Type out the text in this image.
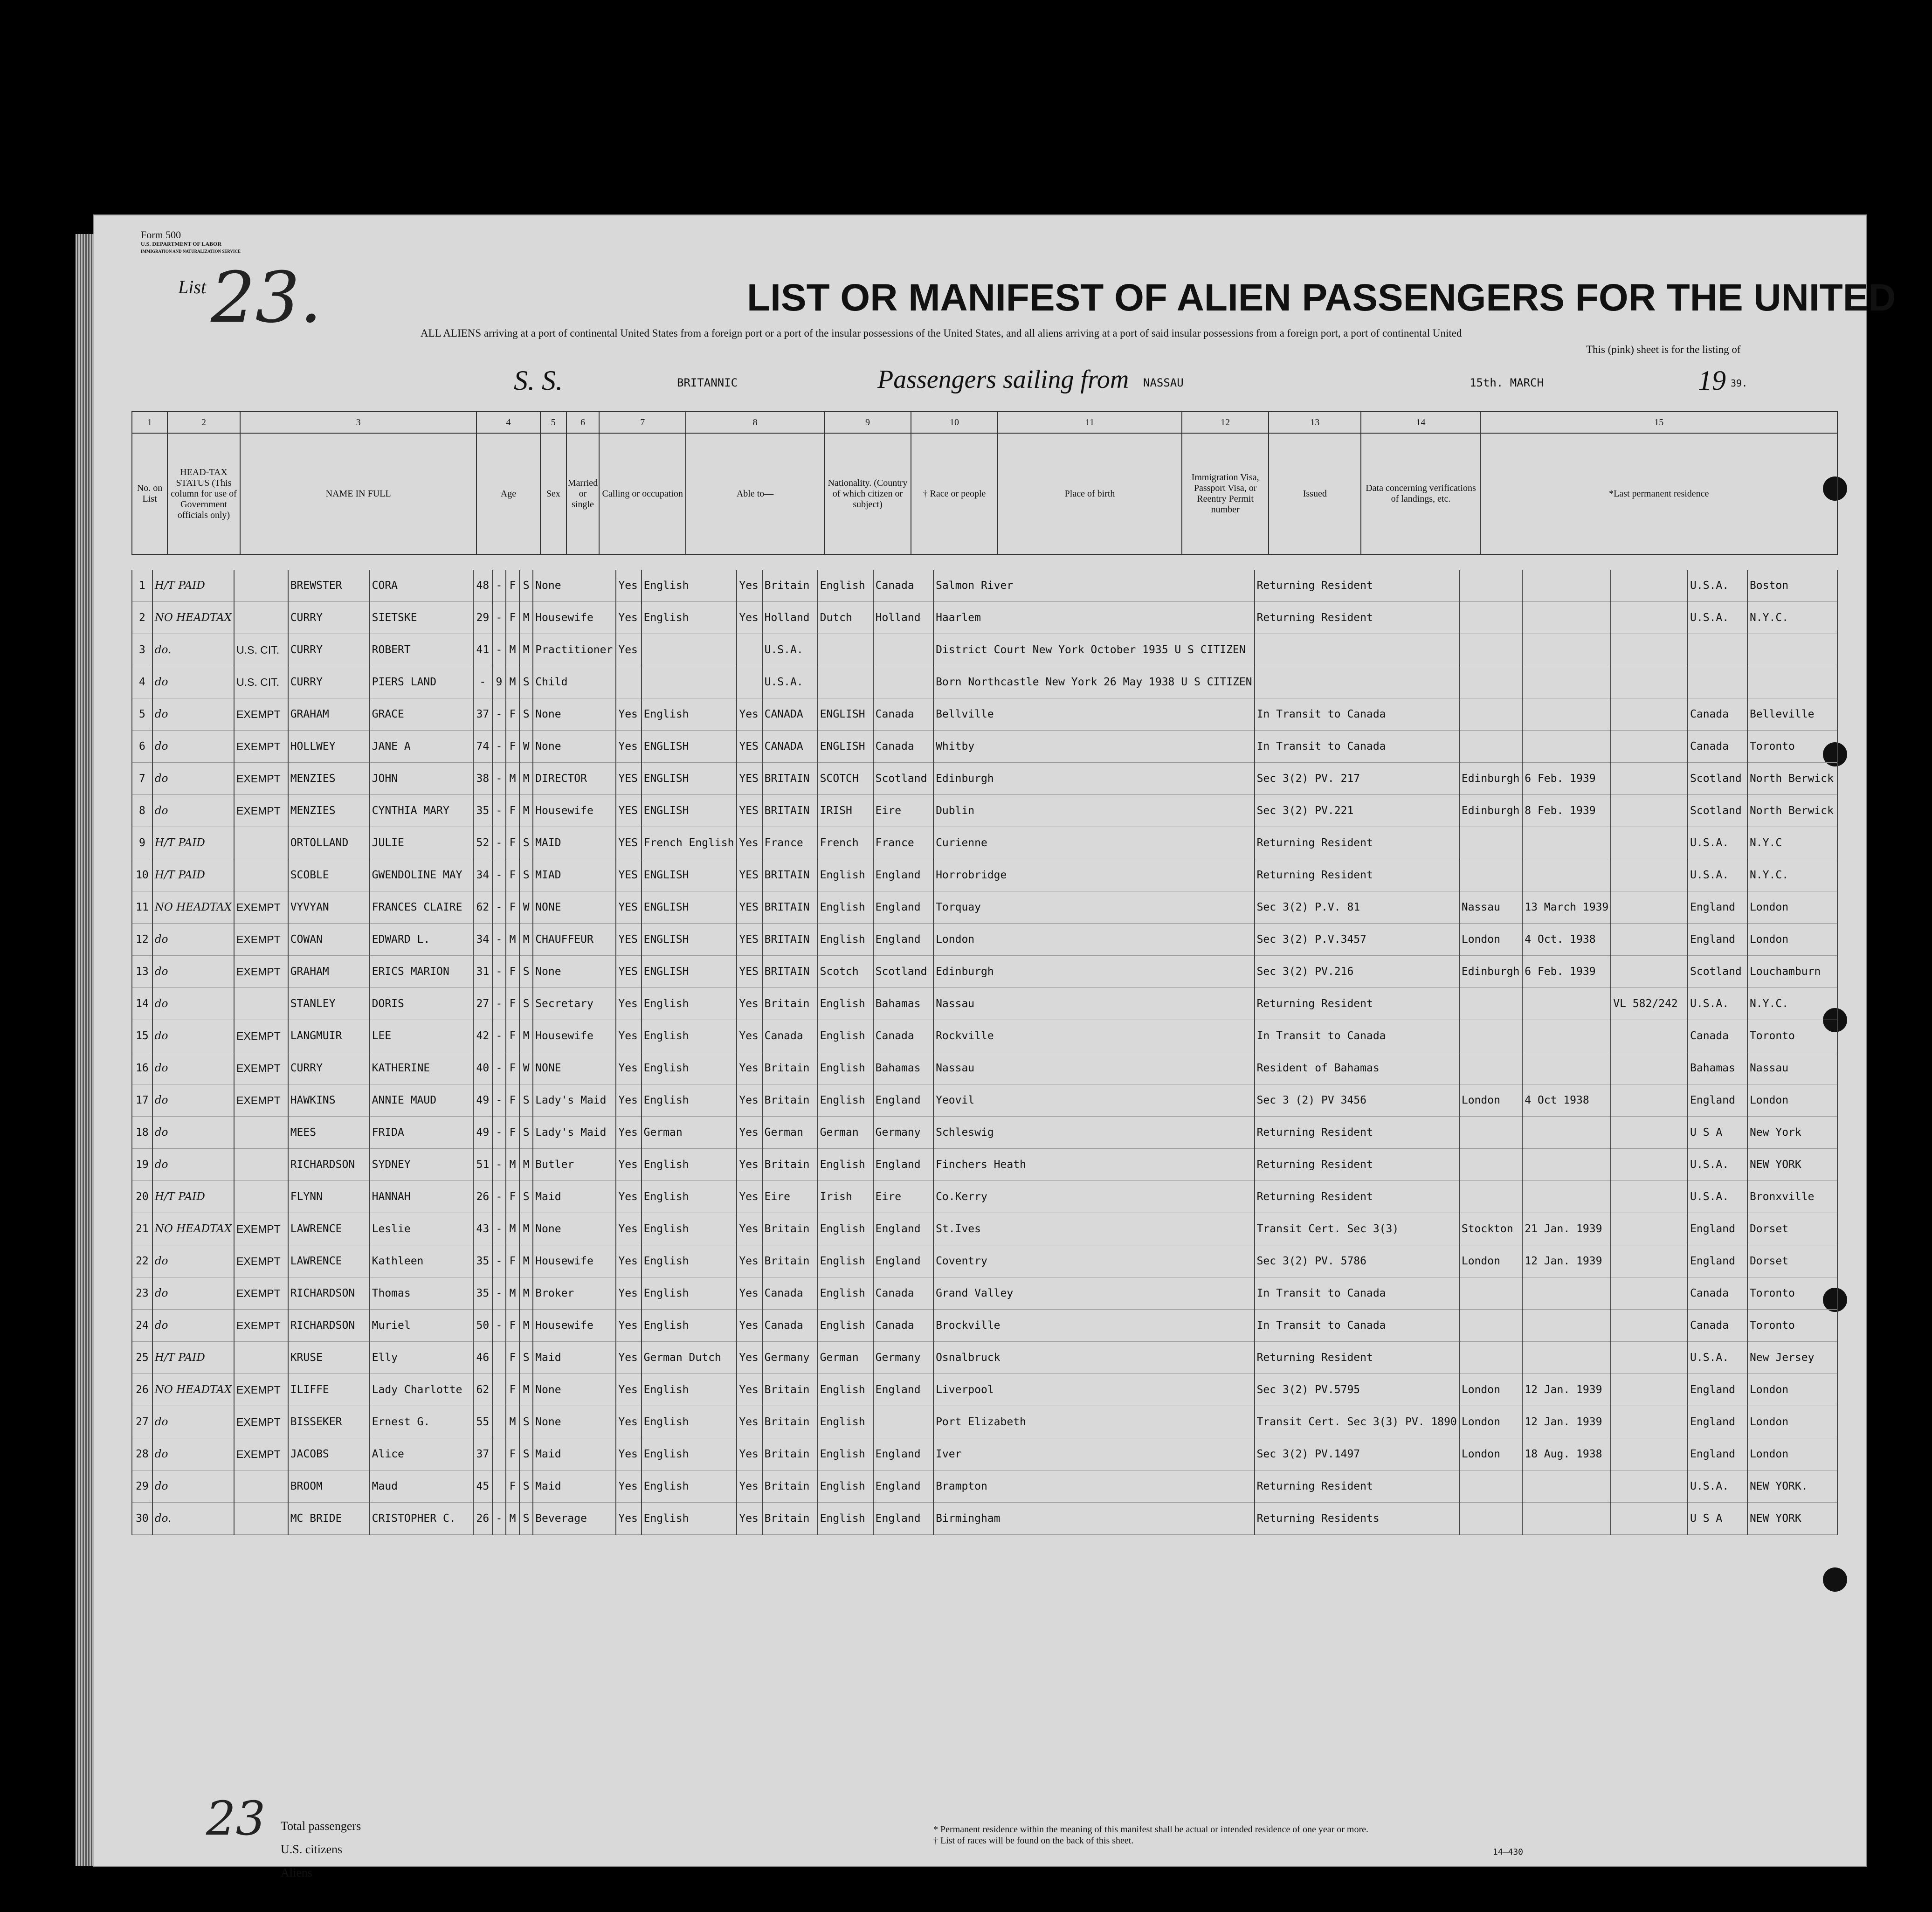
Form 500
U.S. DEPARTMENT OF LABOR
IMMIGRATION AND NATURALIZATION SERVICE
List 23.	LIST OR MANIFEST OF ALIEN PASSENGERS FOR THE UNITED
ALL ALIENS arriving at a port of continental United States from a foreign port or a port of the insular possessions of the United States, and all aliens arriving at a port of said insular possessions from a foreign port, a port of continental United
This (pink) sheet is for the listing of
S. S.	BRITANNIC	Passengers sailing from NASSAU	15th. MARCH	19 39.
1	2	3	4	5	6	7	8	9	10	11	12	13	14	15
No. on List	HEAD-TAX STATUS (This column for use of Government officials only)	NAME IN FULL	Age	Sex	Married or single	Calling or occupation	Able to—	Nationality. (Country of which citizen or subject)	† Race or people	Place of birth	Immigration Visa, Passport Visa, or Reentry Permit number	Issued	Data concerning verifications of landings, etc.	*Last permanent residence
1	H/T PAID		BREWSTER	CORA	48	-	F	S	None	Yes	English	Yes	Britain	English	Canada	Salmon River	Returning Resident				U.S.A.	Boston
2	NO HEADTAX		CURRY	SIETSKE	29	-	F	M	Housewife	Yes	English	Yes	Holland	Dutch	Holland	Haarlem	Returning Resident				U.S.A.	N.Y.C.
3	do.	U.S. CIT.	CURRY	ROBERT	41	-	M	M	Practitioner	Yes			U.S.A.			District Court New York October 1935 U S CITIZEN						
4	do	U.S. CIT.	CURRY	PIERS LAND	-	9	M	S	Child				U.S.A.			Born Northcastle New York 26 May 1938 U S CITIZEN						
5	do	EXEMPT	GRAHAM	GRACE	37	-	F	S	None	Yes	English	Yes	CANADA	ENGLISH	Canada	Bellville	In Transit to Canada				Canada	Belleville
6	do	EXEMPT	HOLLWEY	JANE A	74	-	F	W	None	Yes	ENGLISH	YES	CANADA	ENGLISH	Canada	Whitby	In Transit to Canada				Canada	Toronto
7	do	EXEMPT	MENZIES	JOHN	38	-	M	M	DIRECTOR	YES	ENGLISH	YES	BRITAIN	SCOTCH	Scotland	Edinburgh	Sec 3(2) PV. 217	Edinburgh	6 Feb. 1939		Scotland	North Berwick
8	do	EXEMPT	MENZIES	CYNTHIA MARY	35	-	F	M	Housewife	YES	ENGLISH	YES	BRITAIN	IRISH	Eire	Dublin	Sec 3(2) PV.221	Edinburgh	8 Feb. 1939		Scotland	North Berwick
9	H/T PAID		ORTOLLAND	JULIE	52	-	F	S	MAID	YES	French English	Yes	France	French	France	Curienne	Returning Resident				U.S.A.	N.Y.C
10	H/T PAID		SCOBLE	GWENDOLINE MAY	34	-	F	S	MIAD	YES	ENGLISH	YES	BRITAIN	English	England	Horrobridge	Returning Resident				U.S.A.	N.Y.C.
11	NO HEADTAX	EXEMPT	VYVYAN	FRANCES CLAIRE	62	-	F	W	NONE	YES	ENGLISH	YES	BRITAIN	English	England	Torquay	Sec 3(2) P.V. 81	Nassau	13 March 1939		England	London
12	do	EXEMPT	COWAN	EDWARD L.	34	-	M	M	CHAUFFEUR	YES	ENGLISH	YES	BRITAIN	English	England	London	Sec 3(2) P.V.3457	London	4 Oct. 1938		England	London
13	do	EXEMPT	GRAHAM	ERICS MARION	31	-	F	S	None	YES	ENGLISH	YES	BRITAIN	Scotch	Scotland	Edinburgh	Sec 3(2) PV.216	Edinburgh	6 Feb. 1939		Scotland	Louchamburn
14	do		STANLEY	DORIS	27	-	F	S	Secretary	Yes	English	Yes	Britain	English	Bahamas	Nassau	Returning Resident			VL 582/242	U.S.A.	N.Y.C.
15	do	EXEMPT	LANGMUIR	LEE	42	-	F	M	Housewife	Yes	English	Yes	Canada	English	Canada	Rockville	In Transit to Canada				Canada	Toronto
16	do	EXEMPT	CURRY	KATHERINE	40	-	F	W	NONE	Yes	English	Yes	Britain	English	Bahamas	Nassau	Resident of Bahamas				Bahamas	Nassau
17	do	EXEMPT	HAWKINS	ANNIE MAUD	49	-	F	S	Lady's Maid	Yes	English	Yes	Britain	English	England	Yeovil	Sec 3 (2) PV 3456	London	4 Oct 1938		England	London
18	do		MEES	FRIDA	49	-	F	S	Lady's Maid	Yes	German	Yes	German	German	Germany	Schleswig	Returning Resident				U S A	New York
19	do		RICHARDSON	SYDNEY	51	-	M	M	Butler	Yes	English	Yes	Britain	English	England	Finchers Heath	Returning Resident				U.S.A.	NEW YORK
20	H/T PAID		FLYNN	HANNAH	26	-	F	S	Maid	Yes	English	Yes	Eire	Irish	Eire	Co.Kerry	Returning Resident				U.S.A.	Bronxville
21	NO HEADTAX	EXEMPT	LAWRENCE	Leslie	43	-	M	M	None	Yes	English	Yes	Britain	English	England	St.Ives	Transit Cert. Sec 3(3)	Stockton	21 Jan. 1939		England	Dorset
22	do	EXEMPT	LAWRENCE	Kathleen	35	-	F	M	Housewife	Yes	English	Yes	Britain	English	England	Coventry	Sec 3(2) PV. 5786	London	12 Jan. 1939		England	Dorset
23	do	EXEMPT	RICHARDSON	Thomas	35	-	M	M	Broker	Yes	English	Yes	Canada	English	Canada	Grand Valley	In Transit to Canada				Canada	Toronto
24	do	EXEMPT	RICHARDSON	Muriel	50	-	F	M	Housewife	Yes	English	Yes	Canada	English	Canada	Brockville	In Transit to Canada				Canada	Toronto
25	H/T PAID		KRUSE	Elly	46		F	S	Maid	Yes	German Dutch	Yes	Germany	German	Germany	Osnalbruck	Returning Resident				U.S.A.	New Jersey
26	NO HEADTAX	EXEMPT	ILIFFE	Lady Charlotte	62		F	M	None	Yes	English	Yes	Britain	English	England	Liverpool	Sec 3(2) PV.5795	London	12 Jan. 1939		England	London
27	do	EXEMPT	BISSEKER	Ernest G.	55		M	S	None	Yes	English	Yes	Britain	English		Port Elizabeth	Transit Cert. Sec 3(3) PV. 1890	London	12 Jan. 1939		England	London
28	do	EXEMPT	JACOBS	Alice	37		F	S	Maid	Yes	English	Yes	Britain	English	England	Iver	Sec 3(2) PV.1497	London	18 Aug. 1938		England	London
29	do		BROOM	Maud	45		F	S	Maid	Yes	English	Yes	Britain	English	England	Brampton	Returning Resident				U.S.A.	NEW YORK.
30	do.		MC BRIDE	CRISTOPHER C.	26	-	M	S	Beverage	Yes	English	Yes	Britain	English	England	Birmingham	Returning Residents				U S A	NEW YORK
Total passengers
U.S. citizens
Aliens
* Permanent residence within the meaning of this manifest shall be actual or intended residence of one year or more.
† List of races will be found on the back of this sheet.
14–430
23
